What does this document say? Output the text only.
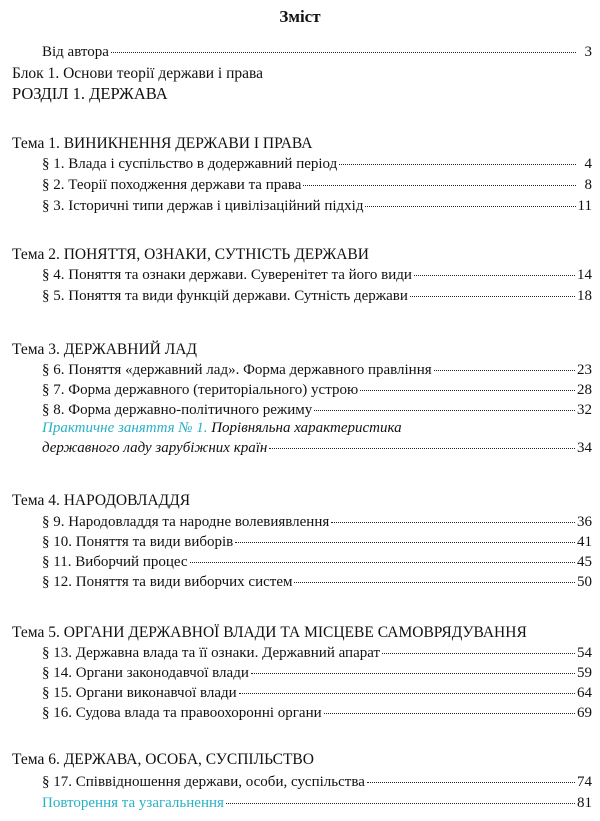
Зміст
Від автора	3
Блок 1. Основи теорії держави і права
РОЗДІЛ 1. ДЕРЖАВА
Тема 1. ВИНИКНЕННЯ ДЕРЖАВИ І ПРАВА
§ 1. Влада і суспільство в додержавний період	4
§ 2. Теорії походження держави та права	8
§ 3. Історичні типи держав і цивілізаційний підхід	11
Тема 2. ПОНЯТТЯ, ОЗНАКИ, СУТНІСТЬ ДЕРЖАВИ
§ 4. Поняття та ознаки держави. Суверенітет та його види	14
§ 5. Поняття та види функцій держави. Сутність держави	18
Тема 3. ДЕРЖАВНИЙ ЛАД
§ 6. Поняття «державний лад». Форма державного правління	23
§ 7. Форма державного (територіального) устрою	28
§ 8. Форма державно-політичного режиму	32
Практичне заняття № 1. Порівняльна характеристика
державного ладу зарубіжних країн	34
Тема 4. НАРОДОВЛАДДЯ
§ 9. Народовладдя та народне волевиявлення	36
§ 10. Поняття та види виборів	41
§ 11. Виборчий процес	45
§ 12. Поняття та види виборчих систем	50
Тема 5. ОРГАНИ ДЕРЖАВНОЇ ВЛАДИ ТА МІСЦЕВЕ САМОВРЯДУВАННЯ
§ 13. Державна влада та її ознаки. Державний апарат	54
§ 14. Органи законодавчої влади	59
§ 15. Органи виконавчої влади	64
§ 16. Судова влада та правоохоронні органи	69
Тема 6. ДЕРЖАВА, ОСОБА, СУСПІЛЬСТВО
§ 17. Співвідношення держави, особи, суспільства	74
Повторення та узагальнення	81
